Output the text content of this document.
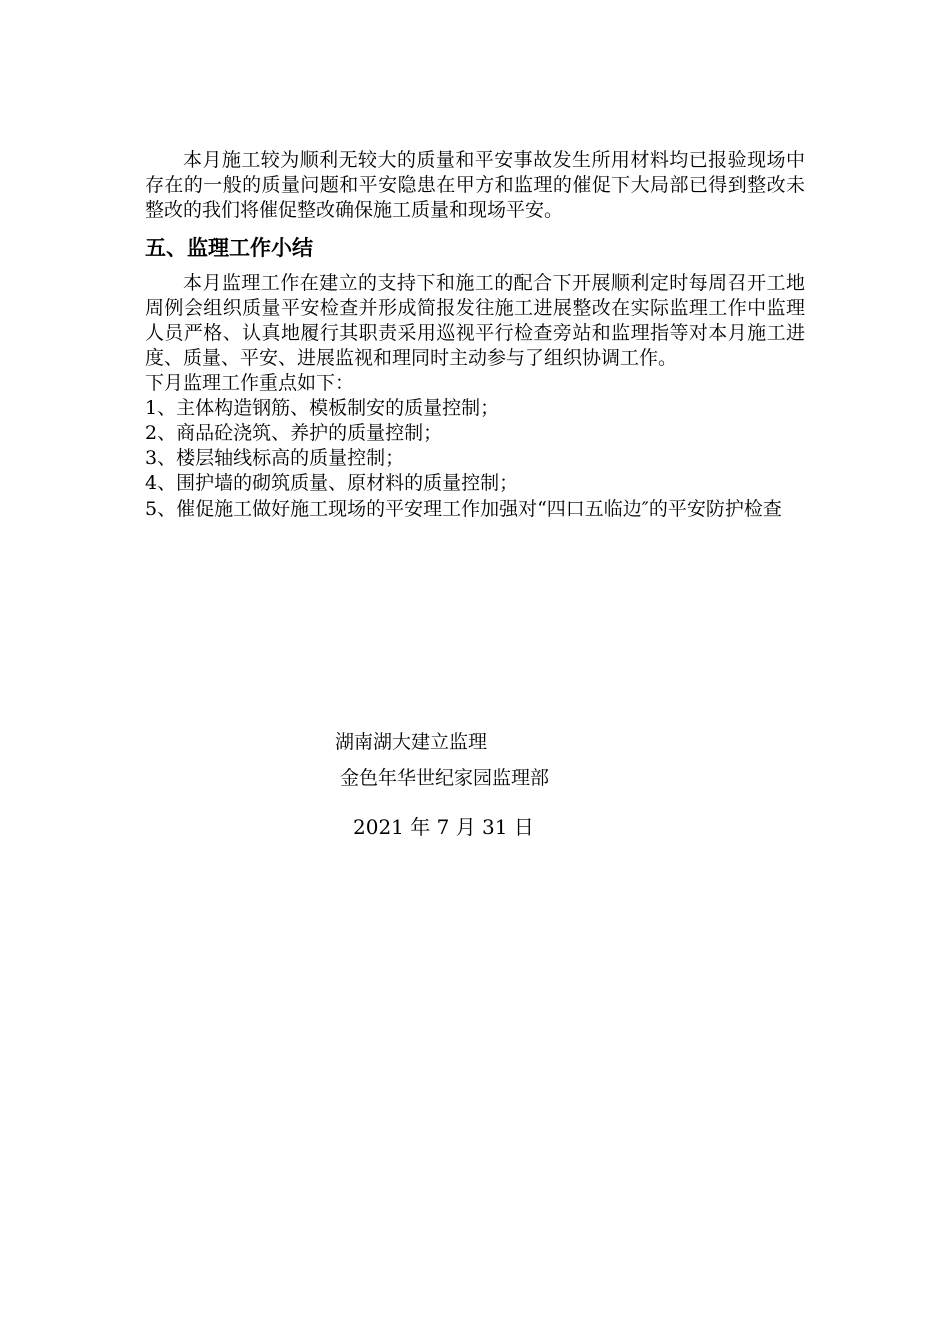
本月施工较为顺利无较大的质量和平安事故发生所用材料均已报验现场中存在的一般的质量问题和平安隐患在甲方和监理的催促下大局部已得到整改未整改的我们将催促整改确保施工质量和现场平安。

五、监理工作小结

本月监理工作在建立的支持下和施工的配合下开展顺利定时每周召开工地周例会组织质量平安检查并形成简报发往施工进展整改在实际监理工作中监理人员严格、认真地履行其职责采用巡视平行检查旁站和监理指等对本月施工进度、质量、平安、进展监视和理同时主动参与了组织协调工作。

下月监理工作重点如下：

1、主体构造钢筋、模板制安的质量控制；
2、商品砼浇筑、养护的质量控制；
3、楼层轴线标高的质量控制；
4、围护墙的砌筑质量、原材料的质量控制；
5、催促施工做好施工现场的平安理工作加强对“四口五临边″的平安防护检查
湖南湖大建立监理
金色年华世纪家园监理部
2021 年 7 月 31 日
